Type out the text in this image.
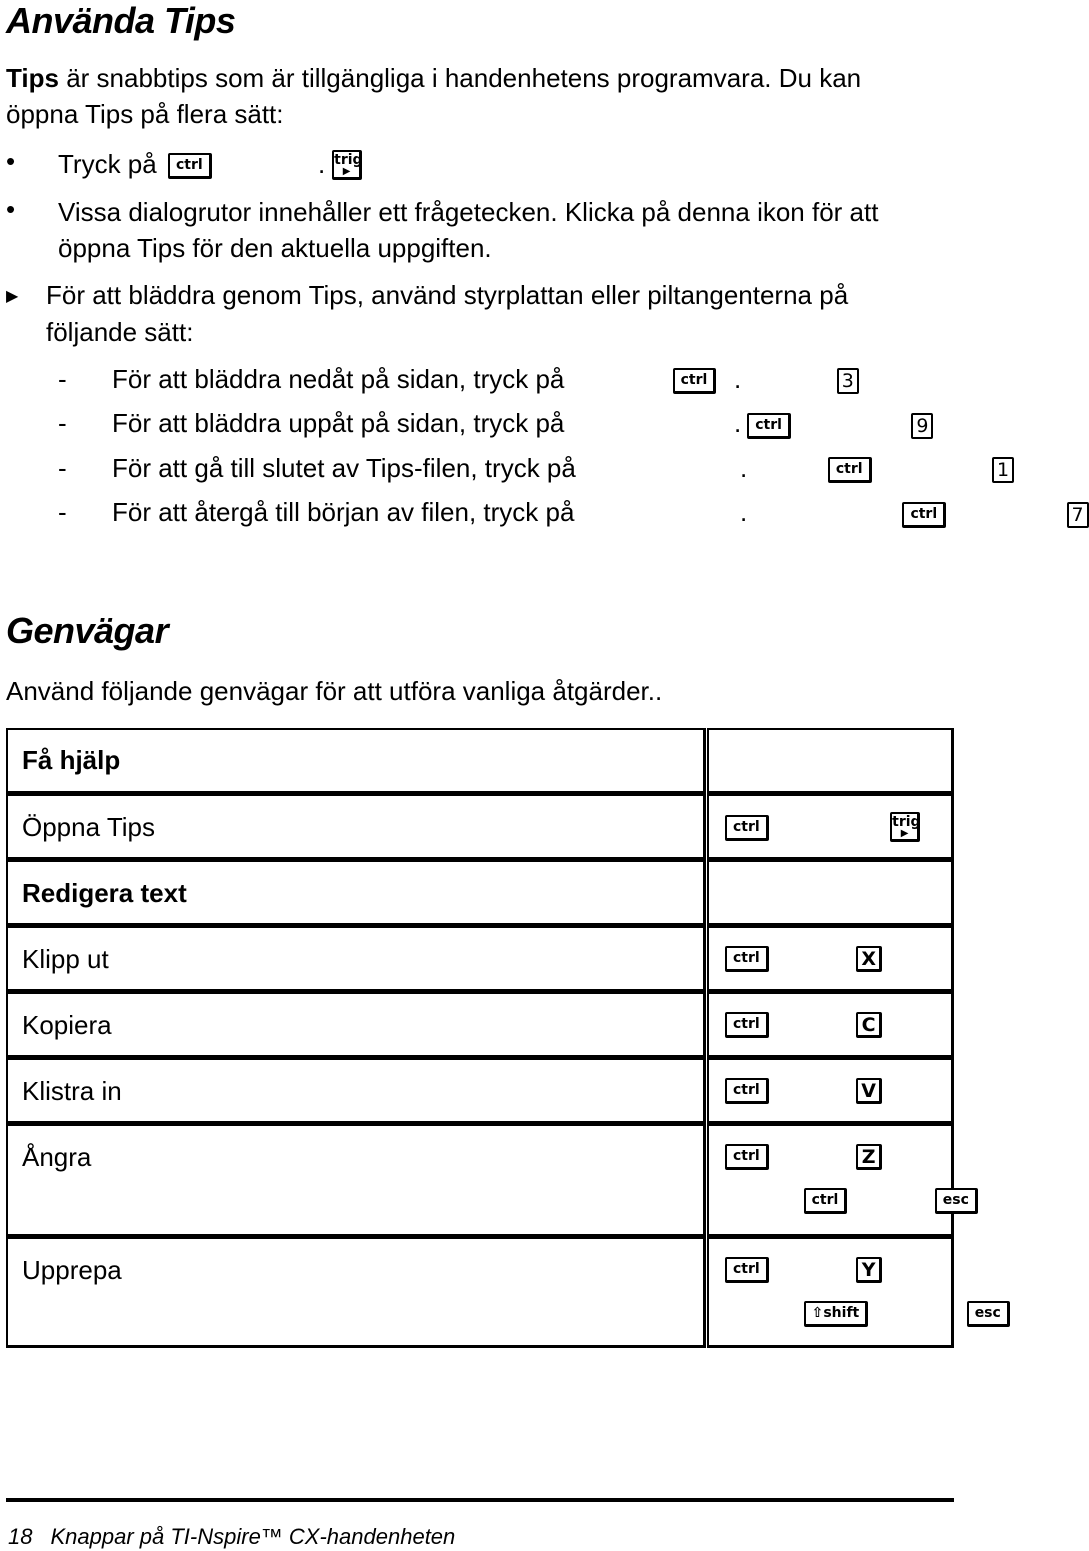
Använda Tips
Tips är snabbtips som är tillgängliga i handenhetens programvara. Du kan
öppna Tips på flera sätt:
• Tryck på ctrl	trig
▶

.
• Vissa dialogrutor innehåller ett frågetecken. Klicka på denna ikon för att
öppna Tips för den aktuella uppgiften.
▶ För att bläddra genom Tips, använd styrplattan eller piltangenterna på
följande sätt:
- För att bläddra nedåt på sidan, tryck på	ctrl	3
.
- För att bläddra uppåt på sidan, tryck på	ctrl	9
.
- För att gå till slutet av Tips-filen, tryck på	ctrl	1
.
- För att återgå till början av filen, tryck på	ctrl	7
.
Genvägar
Använd följande genvägar för att utföra vanliga åtgärder..
Få hjälp
Öppna Tips	ctrl	trig
▶
Redigera text
Klipp ut	ctrl	X
Kopiera	ctrl	C
Klistra in	ctrl	V
Ångra	ctrl	Z ctrl	esc
Upprepa	ctrl	Y ⇧shift	esc
18 Knappar på TI-Nspire™ CX-handenheten
